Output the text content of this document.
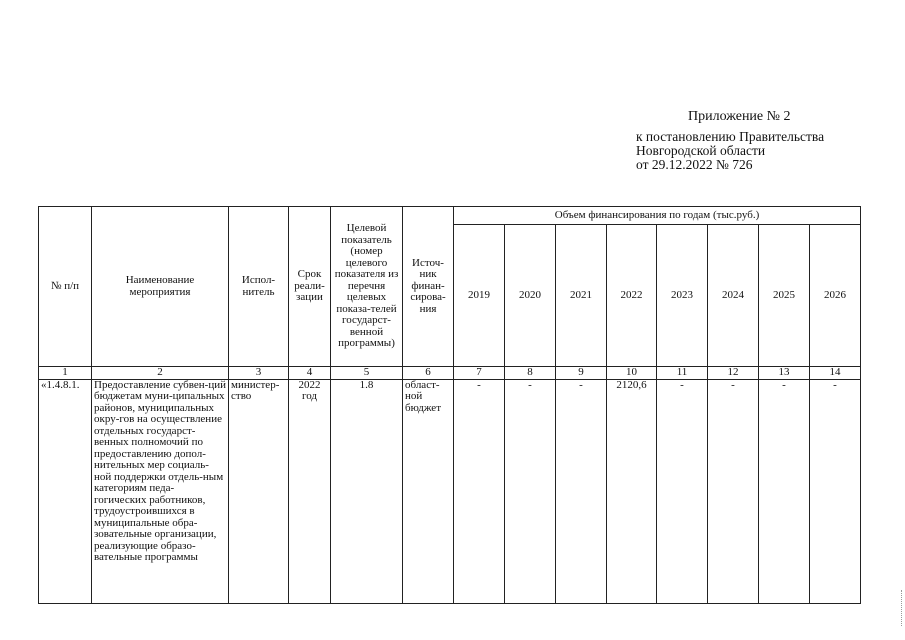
Приложение № 2
к постановлению Правительства
Новгородской области
от 29.12.2022 № 726
№ п/п	Наименование мероприятия	Испол-нитель	Срок реали-зации	Целевой показатель (номер целевого показателя из перечня целевых показа-телей государст-венной программы)	Источ-ник финан-сирова-ния	Объем финансирования по годам (тыс.руб.)							
						2019	2020	2021	2022	2023	2024	2025	2026
1	2	3	4	5	6	7	8	9	10	11	12	13	14
«1.4.8.1.	Предоставление субвен-ций бюджетам муни-ципальных районов, муниципальных окру-гов на осуществление отдельных государст-венных полномочий по предоставлению допол-нительных мер социаль-ной поддержки отдель-ным категориям педа-гогических работников, трудоустроившихся в муниципальные обра-зовательные организации, реализующие образо-вательные программы	министер-ство	2022 год	1.8	област-ной бюджет	-	-	-	2120,6	-	-	-	-
